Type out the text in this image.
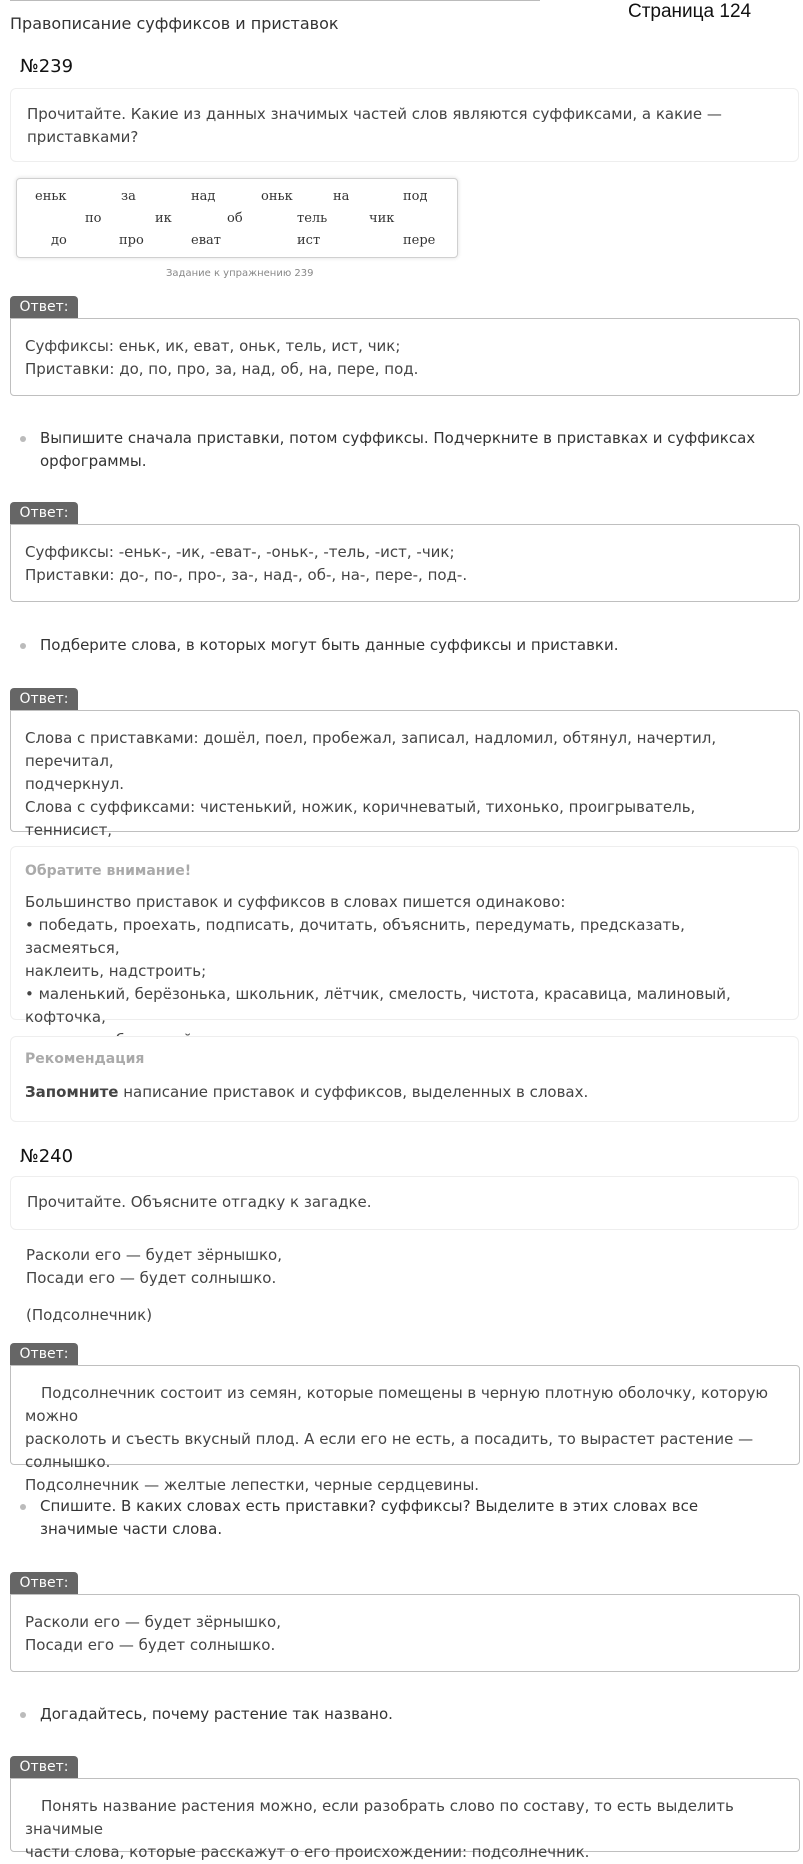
Правописание суффиксов и приставок
Страница 124
№239

Прочитайте. Какие из данных значимых частей слов являются суффиксами, а какие — приставками?

еньк	за	над	оньк	на	под
по	ик	об	тель	чик
до	про	еват	ист	пере
Задание к упражнению 239
Ответ:

Суффиксы: еньк, ик, еват, оньк, тель, ист, чик;

Приставки: до, по, про, за, над, об, на, пере, под.

Выпишите сначала приставки, потом суффиксы. Подчеркните в приставках и суффиксах орфограммы.
Ответ:

Суффиксы: -еньк-, -ик, -еват-, -оньк-, -тель, -ист, -чик;

Приставки: до-, по-, про-, за-, над-, об-, на-, пере-, под-.

Подберите слова, в которых могут быть данные суффиксы и приставки.
Ответ:

Слова с приставками: дошёл, поел, пробежал, записал, надломил, обтянул, начертил, перечитал,

подчеркнул.

Слова с суффиксами: чистенький, ножик, коричневатый, тихонько, проигрыватель, теннисист,

Обратите внимание!

Большинство приставок и суффиксов в словах пишется одинаково:

• победать, проехать, подписать, дочитать, объяснить, передумать, предсказать, засмеяться,

наклеить, надстроить;

• маленький, берёзонька, школьник, лётчик, смелость, чистота, красавица, малиновый, кофточка,

Рекомендация

Запомните написание приставок и суффиксов, выделенных в словах.

№240

Прочитайте. Объясните отгадку к загадке.

Расколи его — будет зёрнышко,

Посади его — будет солнышко.

(Подсолнечник)

Ответ:

Подсолнечник состоит из семян, которые помещены в черную плотную оболочку, которую можно

расколоть и съесть вкусный плод. А если его не есть, а посадить, то вырастет растение — солнышко.

Подсолнечник — желтые лепестки, черные сердцевины.

Спишите. В каких словах есть приставки? суффиксы? Выделите в этих словах все значимые части слова.
Ответ:

Расколи его — будет зёрнышко,

Посади его — будет солнышко.

Догадайтесь, почему растение так названо.
Ответ:

Понять название растения можно, если разобрать слово по составу, то есть выделить значимые

части слова, которые расскажут о его происхождении: подсолнечник.
